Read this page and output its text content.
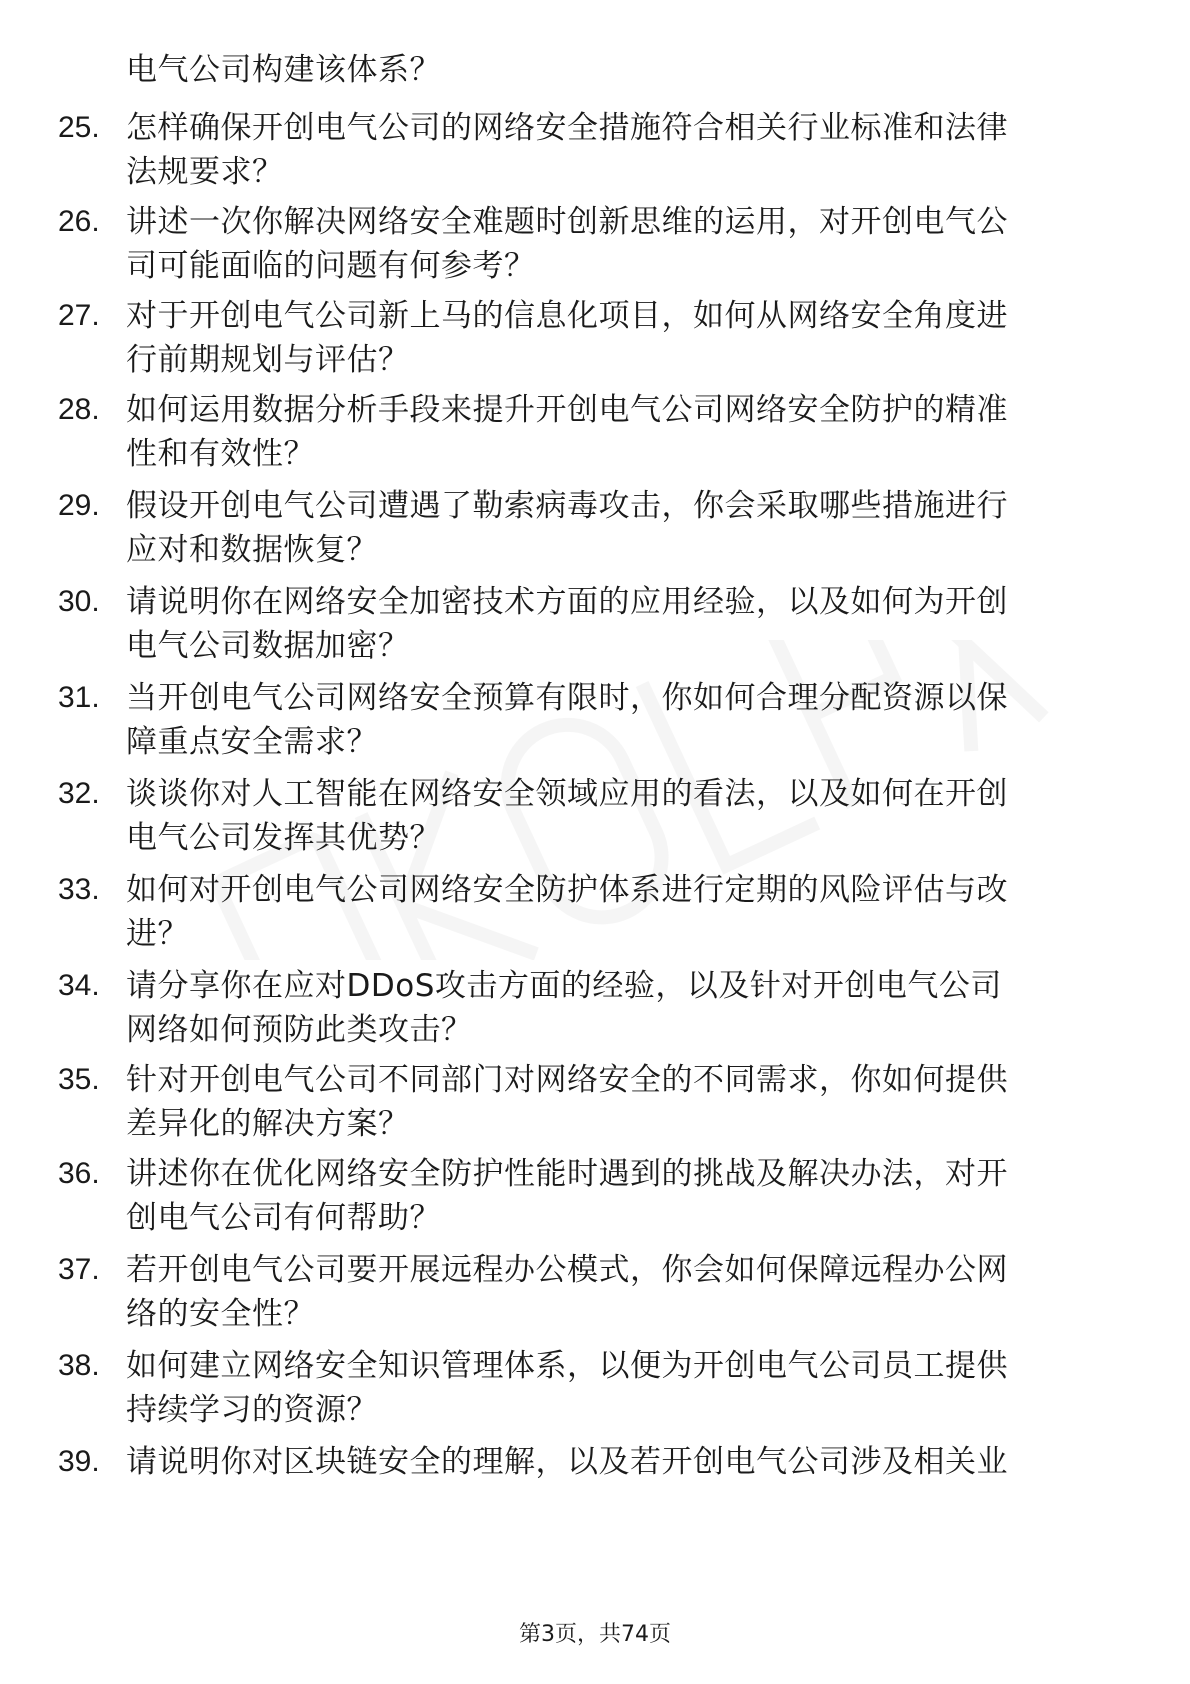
电气公司构建该体系？
25. 怎样确保开创电气公司的网络安全措施符合相关行业标准和法律
法规要求？
26. 讲述一次你解决网络安全难题时创新思维的运用，对开创电气公
司可能面临的问题有何参考？
27. 对于开创电气公司新上马的信息化项目，如何从网络安全角度进
行前期规划与评估？
28. 如何运用数据分析手段来提升开创电气公司网络安全防护的精准
性和有效性？
29. 假设开创电气公司遭遇了勒索病毒攻击，你会采取哪些措施进行
应对和数据恢复？
30. 请说明你在网络安全加密技术方面的应用经验，以及如何为开创
电气公司数据加密？
31. 当开创电气公司网络安全预算有限时，你如何合理分配资源以保
障重点安全需求？
32. 谈谈你对人工智能在网络安全领域应用的看法，以及如何在开创
电气公司发挥其优势？
33. 如何对开创电气公司网络安全防护体系进行定期的风险评估与改
进？
34. 请分享你在应对DDoS攻击方面的经验，以及针对开创电气公司
网络如何预防此类攻击？
35. 针对开创电气公司不同部门对网络安全的不同需求，你如何提供
差异化的解决方案？
36. 讲述你在优化网络安全防护性能时遇到的挑战及解决办法，对开
创电气公司有何帮助？
37. 若开创电气公司要开展远程办公模式，你会如何保障远程办公网
络的安全性？
38. 如何建立网络安全知识管理体系，以便为开创电气公司员工提供
持续学习的资源？
39. 请说明你对区块链安全的理解，以及若开创电气公司涉及相关业
第3页，共74页
